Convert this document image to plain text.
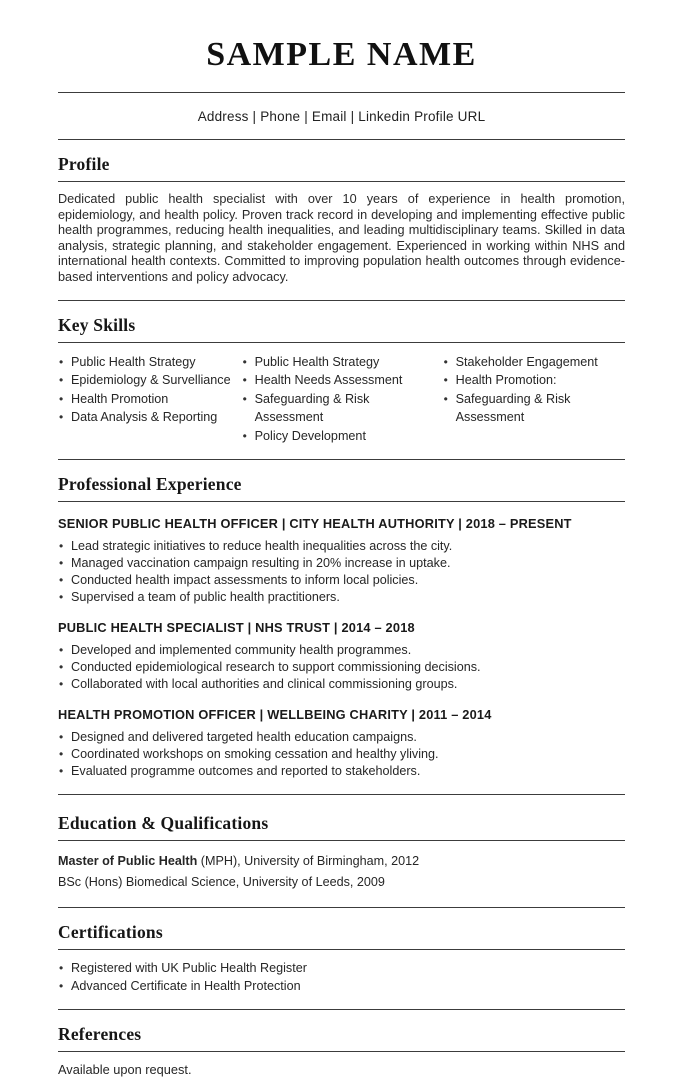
SAMPLE NAME
Address | Phone | Email | Linkedin Profile URL
Profile
Dedicated public health specialist with over 10 years of experience in health promotion, epidemiology, and health policy. Proven track record in developing and implementing effective public health programmes, reducing health inequalities, and leading multidisciplinary teams. Skilled in data analysis, strategic planning, and stakeholder engagement. Experienced in working within NHS and international health contexts. Committed to improving population health outcomes through evidence-based interventions and policy advocacy.
Key Skills
• Public Health Strategy
• Epidemiology & Survelliance
• Health Promotion
• Data Analysis & Reporting
• Public Health Strategy
• Health Needs Assessment
• Safeguarding & Risk Assessment
• Policy Development
• Stakeholder Engagement
• Health Promotion:
• Safeguarding & Risk Assessment
Professional Experience
SENIOR PUBLIC HEALTH OFFICER | CITY HEALTH AUTHORITY | 2018 – PRESENT
• Lead strategic initiatives to reduce health inequalities across the city.
• Managed vaccination campaign resulting in 20% increase in uptake.
• Conducted health impact assessments to inform local policies.
• Supervised a team of public health practitioners.
PUBLIC HEALTH SPECIALIST | NHS TRUST | 2014 – 2018
• Developed and implemented community health programmes.
• Conducted epidemiological research to support commissioning decisions.
• Collaborated with local authorities and clinical commissioning groups.
HEALTH PROMOTION OFFICER | WELLBEING CHARITY | 2011 – 2014
• Designed and delivered targeted health education campaigns.
• Coordinated workshops on smoking cessation and healthy yliving.
• Evaluated programme outcomes and reported to stakeholders.
Education & Qualifications
Master of Public Health (MPH), University of Birmingham, 2012
BSc (Hons) Biomedical Science, University of Leeds, 2009
Certifications
• Registered with UK Public Health Register
• Advanced Certificate in Health Protection
References
Available upon request.
